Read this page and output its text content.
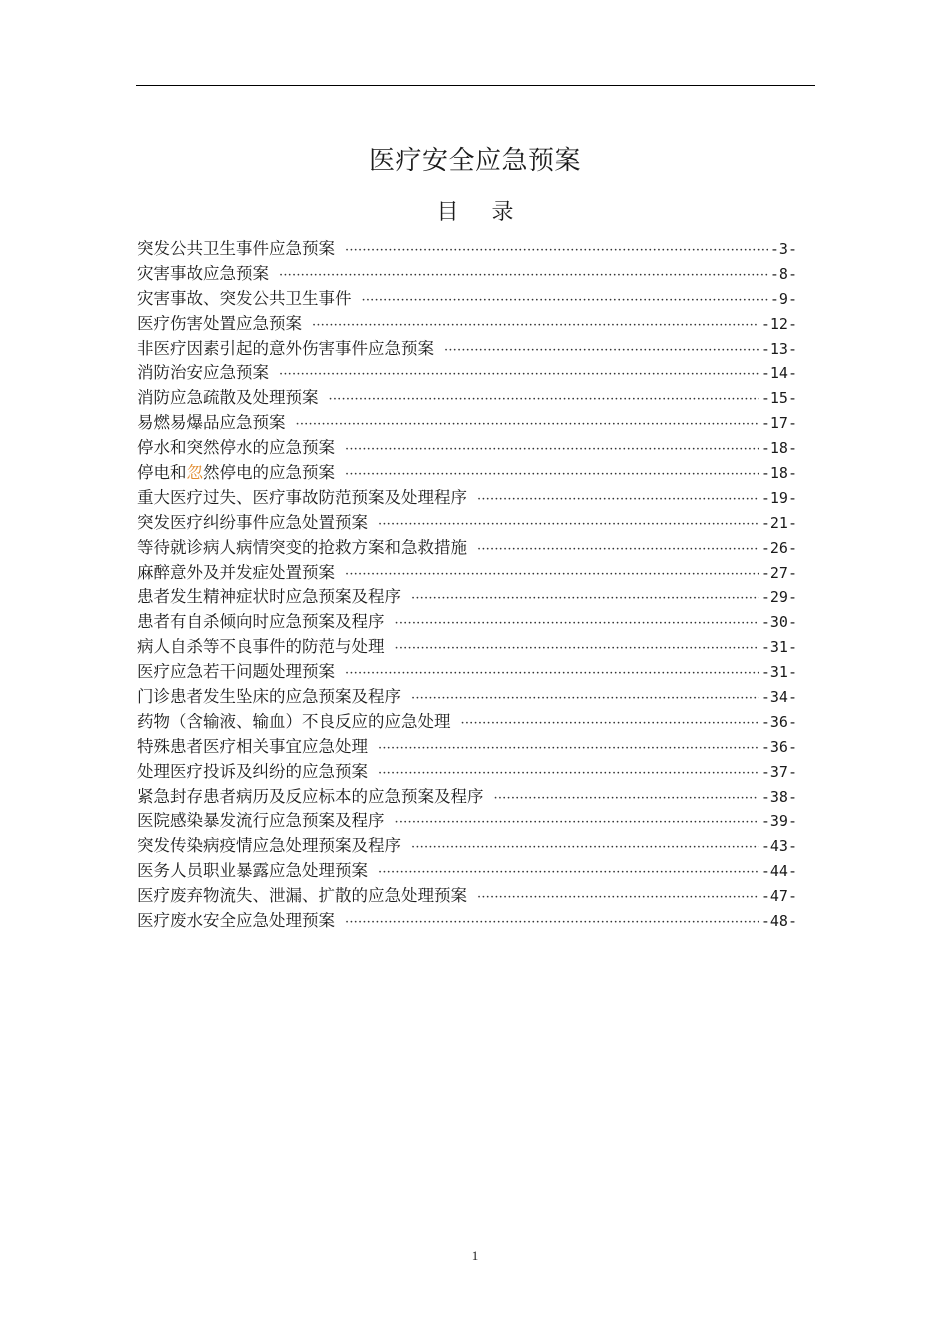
医疗安全应急预案
目 录
突发公共卫生事件应急预案 ·····	-3-
灾害事故应急预案 ·····	-8-
灾害事故、突发公共卫生事件 ·····	-9-
医疗伤害处置应急预案 ·····	-12-
非医疗因素引起的意外伤害事件应急预案 ·····	-13-
消防治安应急预案 ·····	-14-
消防应急疏散及处理预案 ·····	-15-
易燃易爆品应急预案 ·····	-17-
停水和突然停水的应急预案 ·····	-18-
停电和忽然停电的应急预案 ·····	-18-
重大医疗过失、医疗事故防范预案及处理程序 ·····	-19-
突发医疗纠纷事件应急处置预案 ·····	-21-
等待就诊病人病情突变的抢救方案和急救措施 ·····	-26-
麻醉意外及并发症处置预案 ·····	-27-
患者发生精神症状时应急预案及程序 ·····	-29-
患者有自杀倾向时应急预案及程序 ·····	-30-
病人自杀等不良事件的防范与处理 ·····	-31-
医疗应急若干问题处理预案 ·····	-31-
门诊患者发生坠床的应急预案及程序 ·····	-34-
药物（含输液、输血）不良反应的应急处理 ·····	-36-
特殊患者医疗相关事宜应急处理 ·····	-36-
处理医疗投诉及纠纷的应急预案 ·····	-37-
紧急封存患者病历及反应标本的应急预案及程序 ·····	-38-
医院感染暴发流行应急预案及程序 ·····	-39-
突发传染病疫情应急处理预案及程序 ·····	-43-
医务人员职业暴露应急处理预案 ·····	-44-
医疗废弃物流失、泄漏、扩散的应急处理预案 ·····	-47-
医疗废水安全应急处理预案 ·····	-48-
1
